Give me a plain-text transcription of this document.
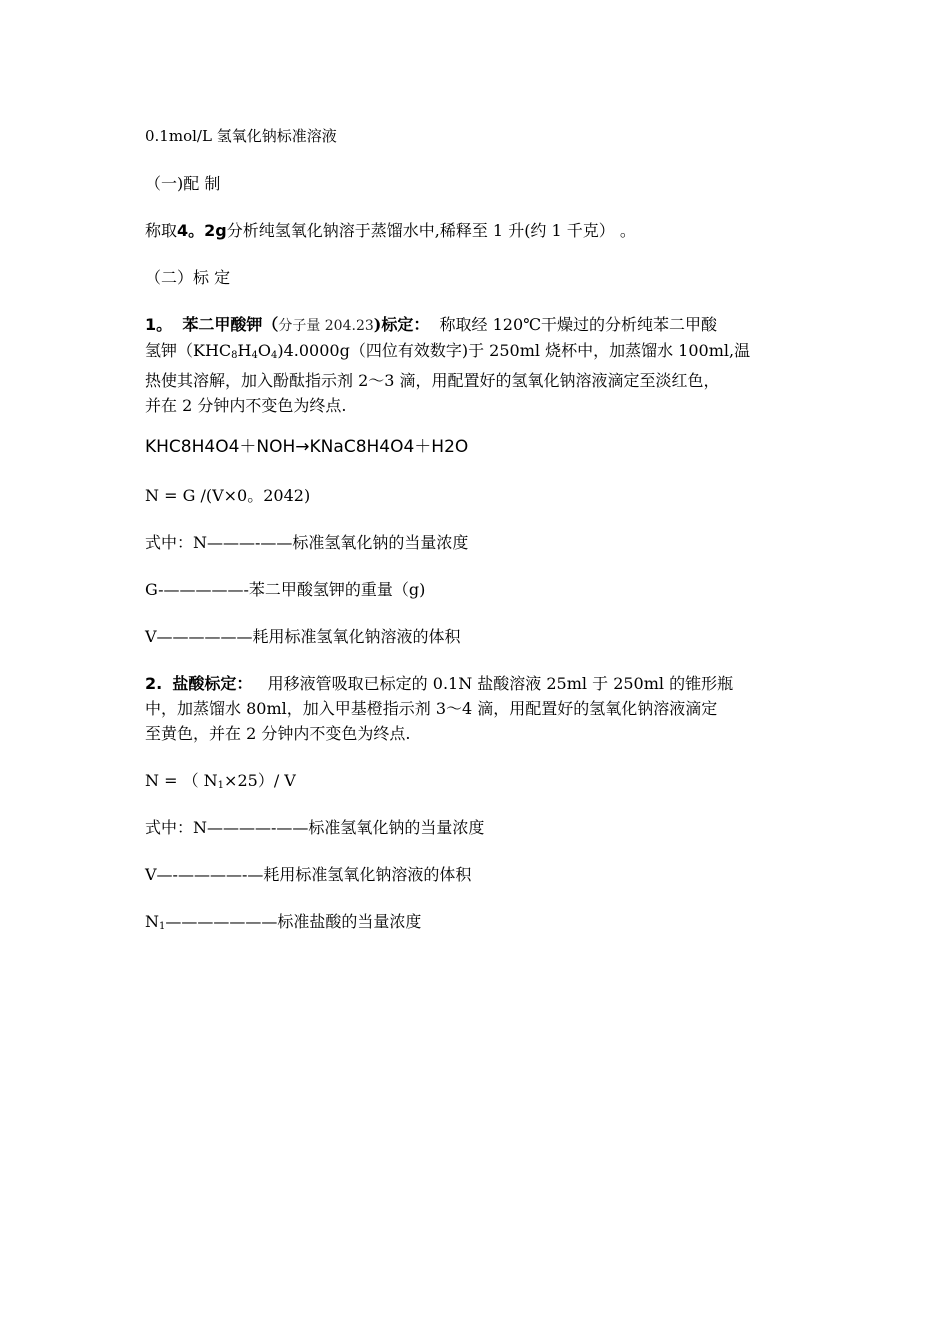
0.1mol/L 氢氧化钠标准溶液
（一)配 制
称取4。2g分析纯氢氧化钠溶于蒸馏水中,稀释至 1 升(约 1 千克） 。
（二）标 定
1。 苯二甲酸钾（分子量 204.23)标定： 称取经 120℃干燥过的分析纯苯二甲酸
氢钾$(KHC_8H_4O_4)4.0000g$（四位有效数字)于 250ml 烧杯中，加蒸馏水 100ml,温
热使其溶解，加入酚酞指示剂 2～3 滴，用配置好的氢氧化钠溶液滴定至淡红色，
并在 2 分钟内不变色为终点.
KHC8H4O4＋NOH→KNaC8H4O4＋H2O
N = G /(V×0。2042)
式中：N———-——标准氢氧化钠的当量浓度
G-—————-苯二甲酸氢钾的重量（g)
V——————耗用标准氢氧化钠溶液的体积
2. 盐酸标定： 用移液管吸取已标定的 0.1N 盐酸溶液 25ml 于 250ml 的锥形瓶
中，加蒸馏水 80ml，加入甲基橙指示剂 3～4 滴，用配置好的氢氧化钠溶液滴定
至黄色，并在 2 分钟内不变色为终点.
N = （ $N_1\times 25)/$ V
式中：N————-——标准氢氧化钠的当量浓度
V—-————-—耗用标准氢氧化钠溶液的体积
$N_1———————$标准盐酸的当量浓度
